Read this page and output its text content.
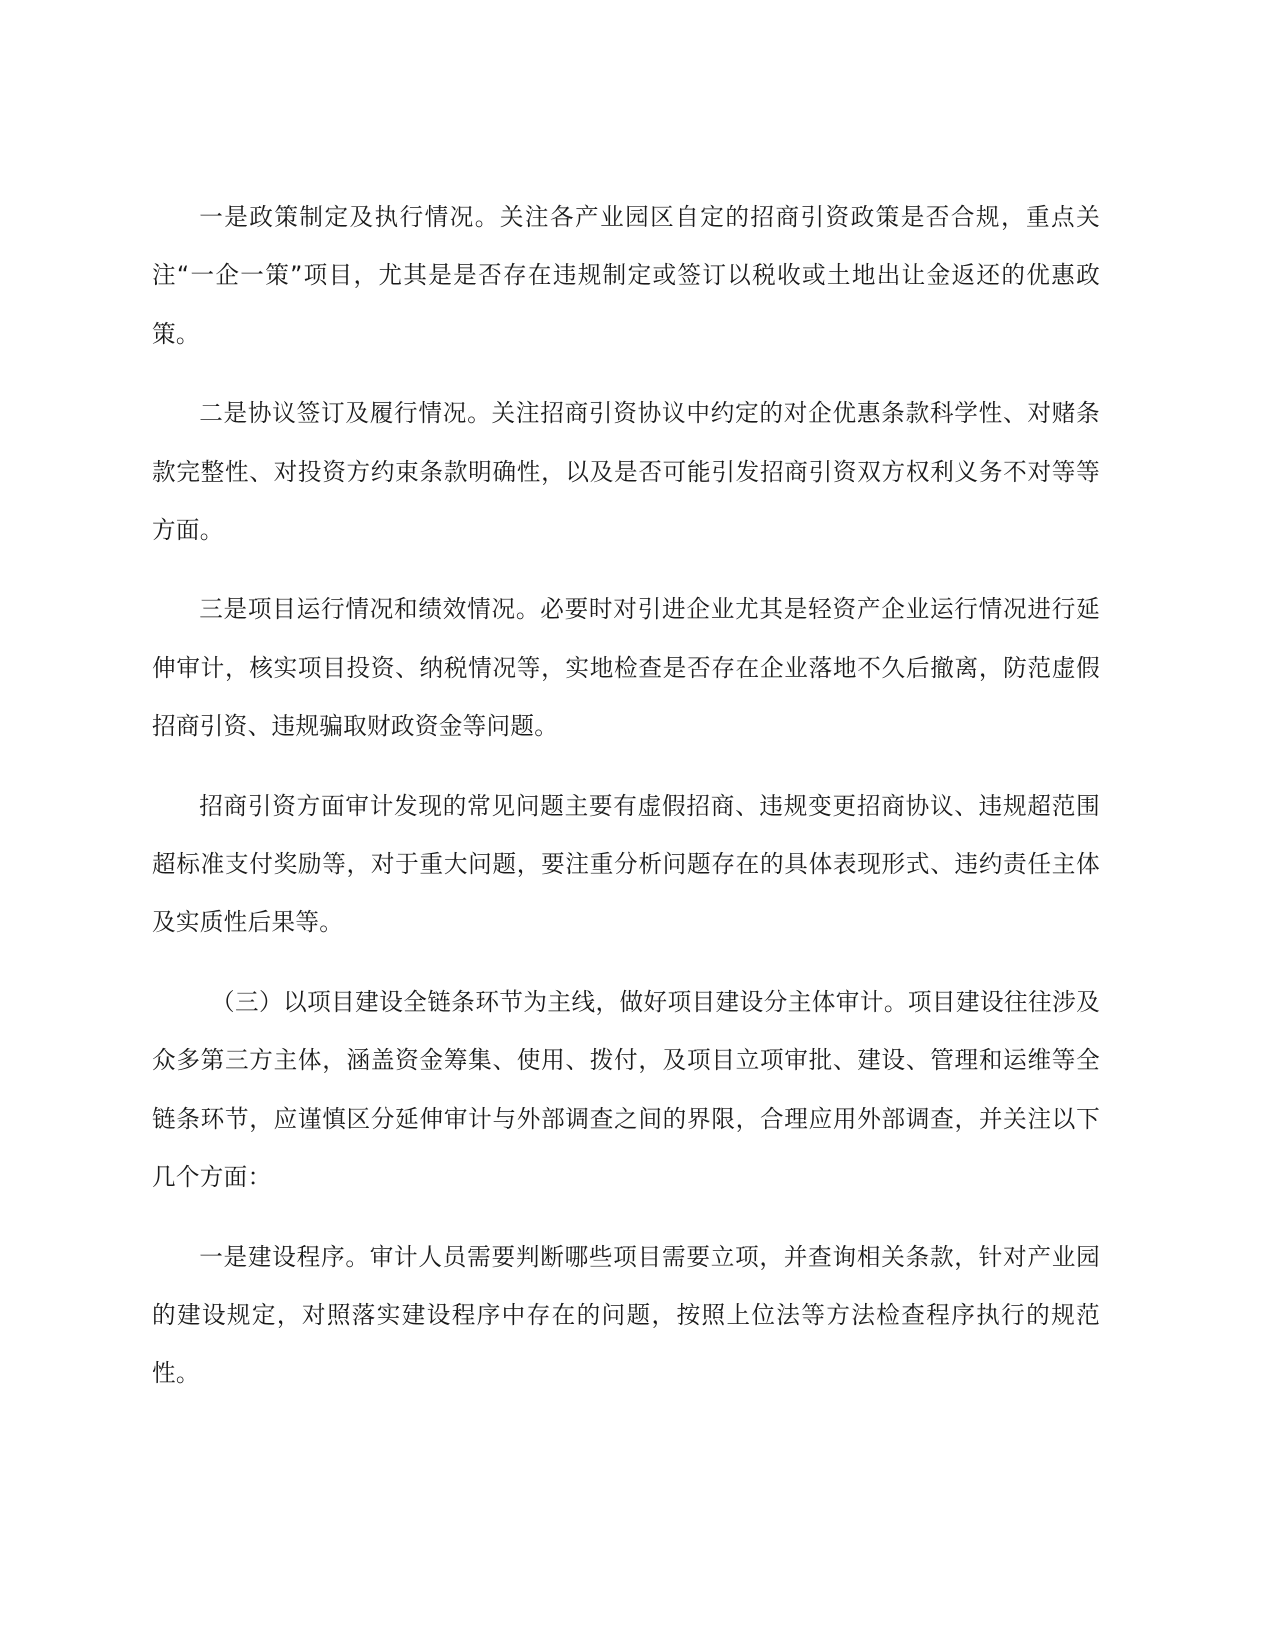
一是政策制定及执行情况。关注各产业园区自定的招商引资政策是否合规，重点关注“一企一策”项目，尤其是是否存在违规制定或签订以税收或土地出让金返还的优惠政策。

二是协议签订及履行情况。关注招商引资协议中约定的对企优惠条款科学性、对赌条款完整性、对投资方约束条款明确性，以及是否可能引发招商引资双方权利义务不对等等方面。

三是项目运行情况和绩效情况。必要时对引进企业尤其是轻资产企业运行情况进行延伸审计，核实项目投资、纳税情况等，实地检查是否存在企业落地不久后撤离，防范虚假招商引资、违规骗取财政资金等问题。

招商引资方面审计发现的常见问题主要有虚假招商、违规变更招商协议、违规超范围超标准支付奖励等，对于重大问题，要注重分析问题存在的具体表现形式、违约责任主体及实质性后果等。

（三）以项目建设全链条环节为主线，做好项目建设分主体审计。项目建设往往涉及众多第三方主体，涵盖资金筹集、使用、拨付，及项目立项审批、建设、管理和运维等全链条环节，应谨慎区分延伸审计与外部调查之间的界限，合理应用外部调查，并关注以下几个方面：

一是建设程序。审计人员需要判断哪些项目需要立项，并查询相关条款，针对产业园的建设规定，对照落实建设程序中存在的问题，按照上位法等方法检查程序执行的规范性。
